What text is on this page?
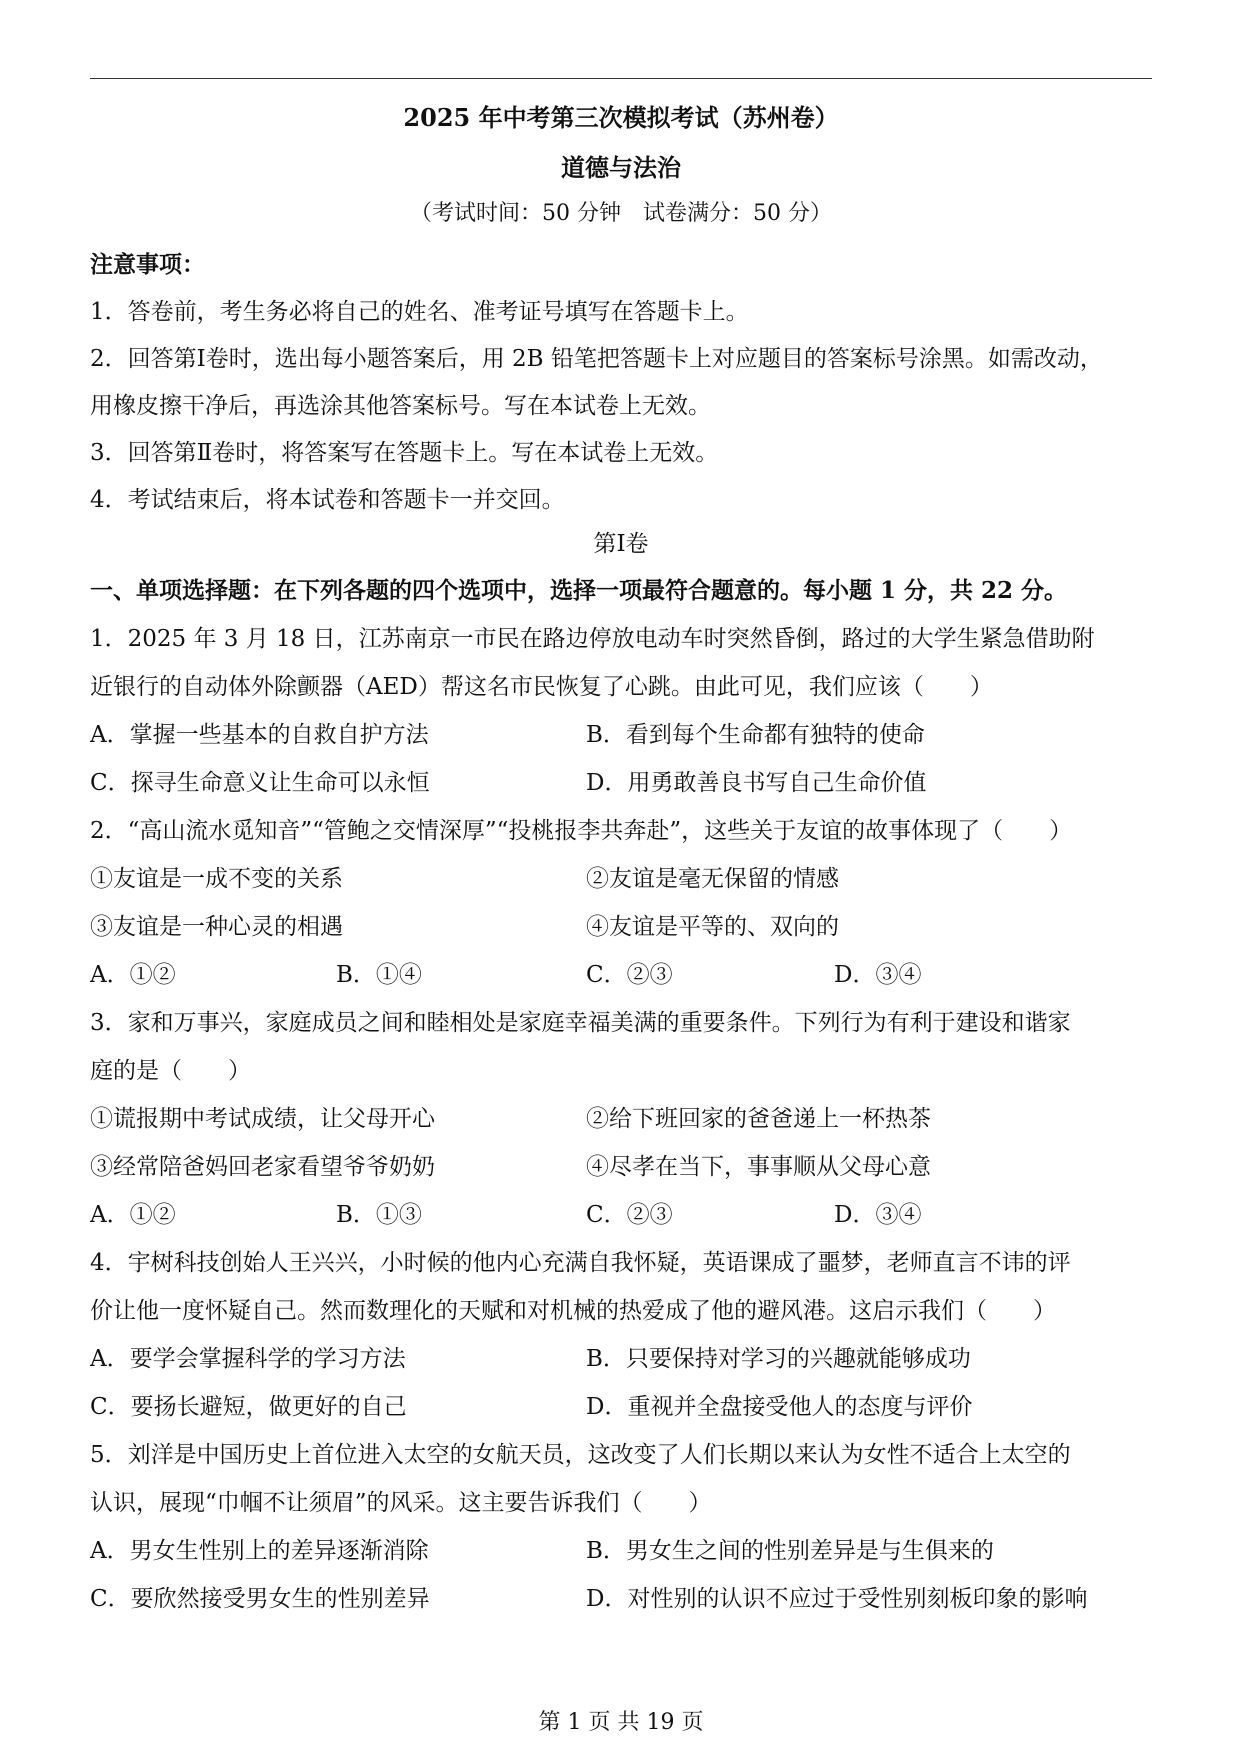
2025 年中考第三次模拟考试（苏州卷）
道德与法治
（考试时间：50 分钟　试卷满分：50 分）
注意事项：
1．答卷前，考生务必将自己的姓名、准考证号填写在答题卡上。
2．回答第Ⅰ卷时，选出每小题答案后，用 2B 铅笔把答题卡上对应题目的答案标号涂黑。如需改动，
用橡皮擦干净后，再选涂其他答案标号。写在本试卷上无效。
3．回答第Ⅱ卷时，将答案写在答题卡上。写在本试卷上无效。
4．考试结束后，将本试卷和答题卡一并交回。
第Ⅰ卷
一、单项选择题：在下列各题的四个选项中，选择一项最符合题意的。每小题 1 分，共 22 分。
1．2025 年 3 月 18 日，江苏南京一市民在路边停放电动车时突然昏倒，路过的大学生紧急借助附
近银行的自动体外除颤器（AED）帮这名市民恢复了心跳。由此可见，我们应该（　　）
A．掌握一些基本的自救自护方法	B．看到每个生命都有独特的使命
C．探寻生命意义让生命可以永恒	D．用勇敢善良书写自己生命价值
2．“高山流水觅知音”“管鲍之交情深厚”“投桃报李共奔赴”，这些关于友谊的故事体现了（　　）
①友谊是一成不变的关系	②友谊是毫无保留的情感
③友谊是一种心灵的相遇	④友谊是平等的、双向的
A．①②	B．①④	C．②③	D．③④
3．家和万事兴，家庭成员之间和睦相处是家庭幸福美满的重要条件。下列行为有利于建设和谐家
庭的是（　　）
①谎报期中考试成绩，让父母开心	②给下班回家的爸爸递上一杯热茶
③经常陪爸妈回老家看望爷爷奶奶	④尽孝在当下，事事顺从父母心意
A．①②	B．①③	C．②③	D．③④
4．宇树科技创始人王兴兴，小时候的他内心充满自我怀疑，英语课成了噩梦，老师直言不讳的评
价让他一度怀疑自己。然而数理化的天赋和对机械的热爱成了他的避风港。这启示我们（　　）
A．要学会掌握科学的学习方法	B．只要保持对学习的兴趣就能够成功
C．要扬长避短，做更好的自己	D．重视并全盘接受他人的态度与评价
5．刘洋是中国历史上首位进入太空的女航天员，这改变了人们长期以来认为女性不适合上太空的
认识，展现“巾帼不让须眉”的风采。这主要告诉我们（　　）
A．男女生性别上的差异逐渐消除	B．男女生之间的性别差异是与生俱来的
C．要欣然接受男女生的性别差异	D．对性别的认识不应过于受性别刻板印象的影响
第 1 页 共 19 页
